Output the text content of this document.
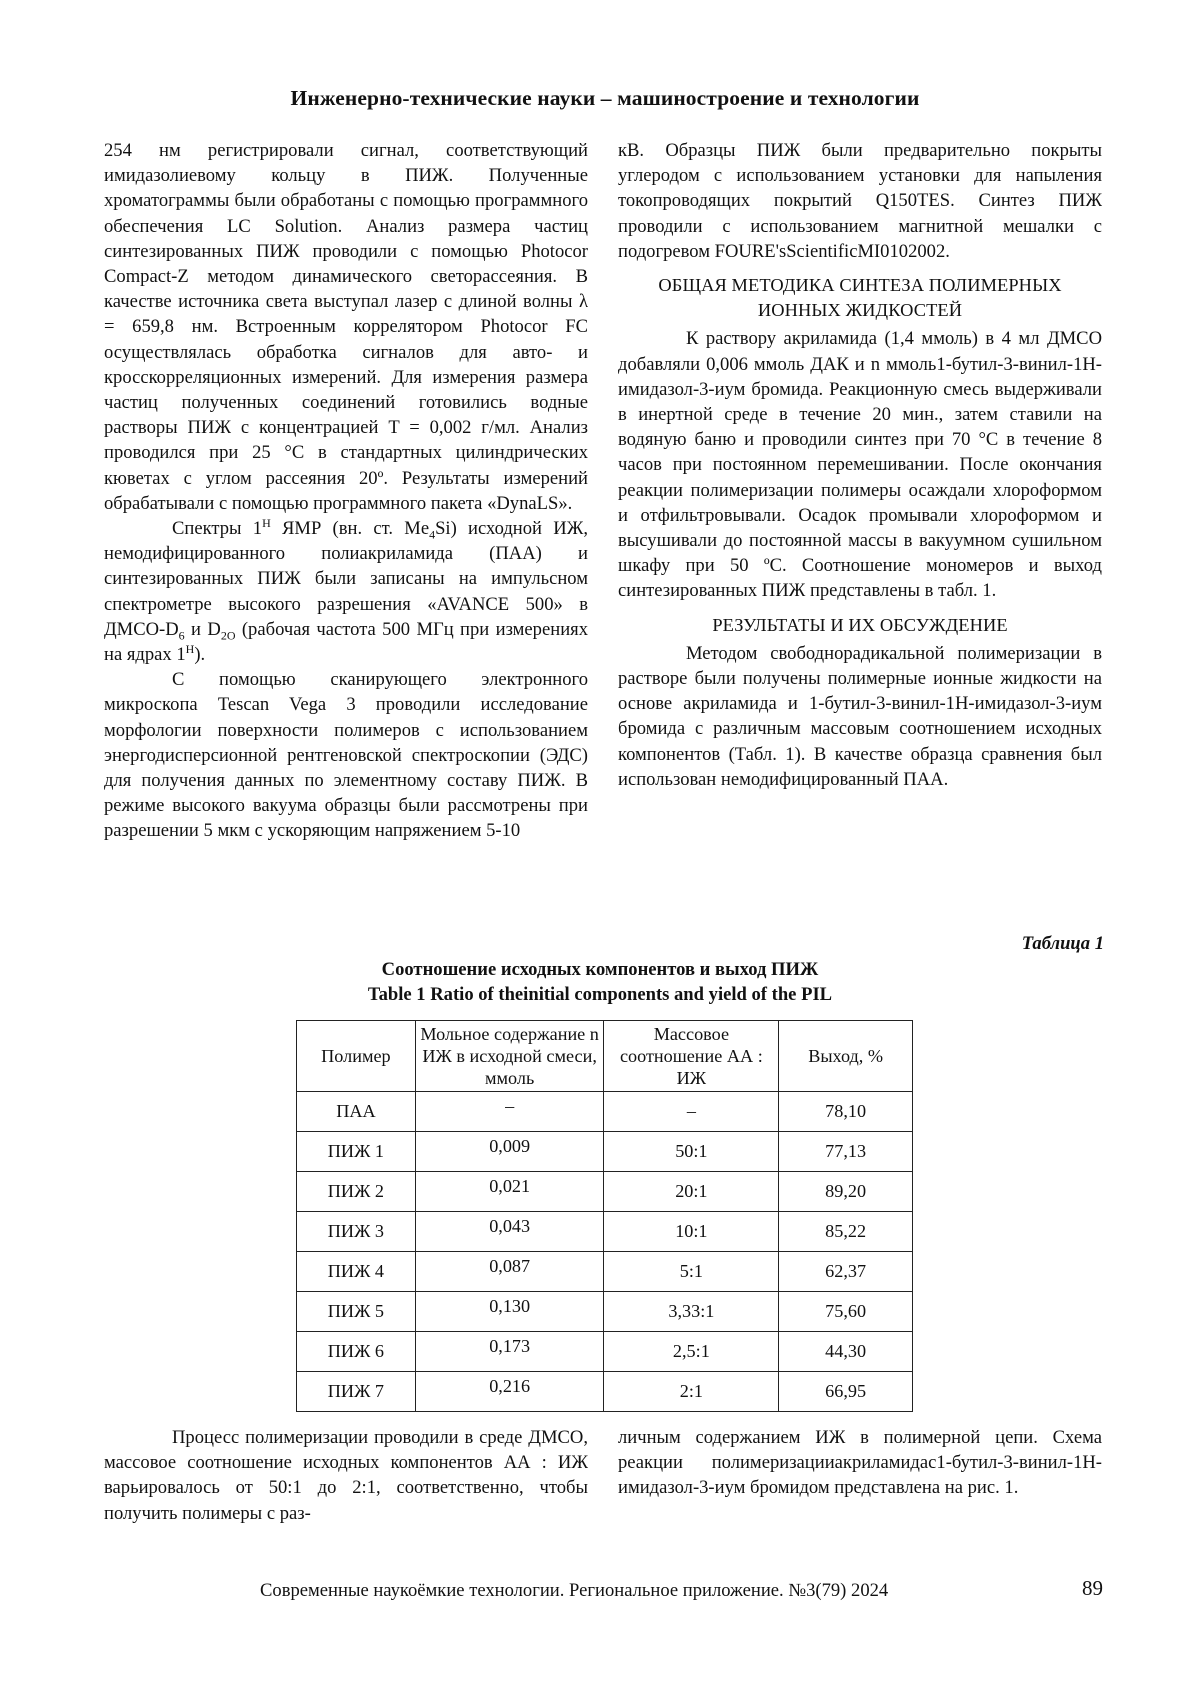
Инженерно-технические науки – машиностроение и технологии

254 нм регистрировали сигнал, соответствующий имидазолиевому кольцу в ПИЖ. Полученные хроматограммы были обработаны с помощью программного обеспечения LC Solution. Анализ размера частиц синтезированных ПИЖ проводили с помощью Photocor Compact-Z методом динамического светорассеяния. В качестве источника света выступал лазер с длиной волны λ = 659,8 нм. Встроенным коррелятором Photocor FC осуществлялась обработка сигналов для авто- и кросскорреляционных измерений. Для измерения размера частиц полученных соединений готовились водные растворы ПИЖ с концентрацией T = 0,002 г/мл. Анализ проводился при 25 °С в стандартных цилиндрических кюветах с углом рассеяния 20º. Результаты измерений обрабатывали с помощью программного пакета «DynaLS».

Спектры $1^H$ ЯМР (вн. ст. $Me_4Si$) исходной ИЖ, немодифицированного полиакриламида (ПАА) и синтезированных ПИЖ были записаны на импульсном спектрометре высокого разрешения «AVANCE 500» в ДМСО-$D_6$ и $D_{2O}$ (рабочая частота 500 МГц при измерениях на ядрах $1^H$).

С помощью сканирующего электронного микроскопа Tescan Vega 3 проводили исследование морфологии поверхности полимеров с использованием энергодисперсионной рентгеновской спектроскопии (ЭДС) для получения данных по элементному составу ПИЖ. В режиме высокого вакуума образцы были рассмотрены при разрешении 5 мкм с ускоряющим напряжением 5-10

кВ. Образцы ПИЖ были предварительно покрыты углеродом с использованием установки для напыления токопроводящих покрытий Q150TES. Синтез ПИЖ проводили с использованием магнитной мешалки с подогревом FOURE'sScientificMI0102002.

ОБЩАЯ МЕТОДИКА СИНТЕЗА ПОЛИМЕРНЫХ ИОННЫХ ЖИДКОСТЕЙ

К раствору акриламида (1,4 ммоль) в 4 мл ДМСО добавляли 0,006 ммоль ДАК и n ммоль1-бутил-3-винил-1H-имидазол-3-иум бромида. Реакционную смесь выдерживали в инертной среде в течение 20 мин., затем ставили на водяную баню и проводили синтез при 70 °С в течение 8 часов при постоянном перемешивании. После окончания реакции полимеризации полимеры осаждали хлороформом и отфильтровывали. Осадок промывали хлороформом и высушивали до постоянной массы в вакуумном сушильном шкафу при 50 ºС. Соотношение мономеров и выход синтезированных ПИЖ представлены в табл. 1.

РЕЗУЛЬТАТЫ И ИХ ОБСУЖДЕНИЕ

Методом свободнорадикальной полимеризации в растворе были получены полимерные ионные жидкости на основе акриламида и 1-бутил-3-винил-1H-имидазол-3-иум бромида с различным массовым соотношением исходных компонентов (Табл. 1). В качестве образца сравнения был использован немодифицированный ПАА.

Таблица 1
Соотношение исходных компонентов и выход ПИЖ
Table 1 Ratio of theinitial components and yield of the PIL
Полимер	Мольное содержание n ИЖ в исходной смеси, ммоль	Массовое соотношение АА : ИЖ	Выход, %
ПАА	–	–	78,10
ПИЖ 1	0,009	50:1	77,13
ПИЖ 2	0,021	20:1	89,20
ПИЖ 3	0,043	10:1	85,22
ПИЖ 4	0,087	5:1	62,37
ПИЖ 5	0,130	3,33:1	75,60
ПИЖ 6	0,173	2,5:1	44,30
ПИЖ 7	0,216	2:1	66,95

Процесс полимеризации проводили в среде ДМСО, массовое соотношение исходных компонентов АА : ИЖ варьировалось от 50:1 до 2:1, соответственно, чтобы получить полимеры с раз-

личным содержанием ИЖ в полимерной цепи. Схема реакции полимеризацииакриламидас1-бутил-3-винил-1H-имидазол-3-иум бромидом представлена на рис. 1.

Современные наукоёмкие технологии. Региональное приложение. №3(79) 2024	89
